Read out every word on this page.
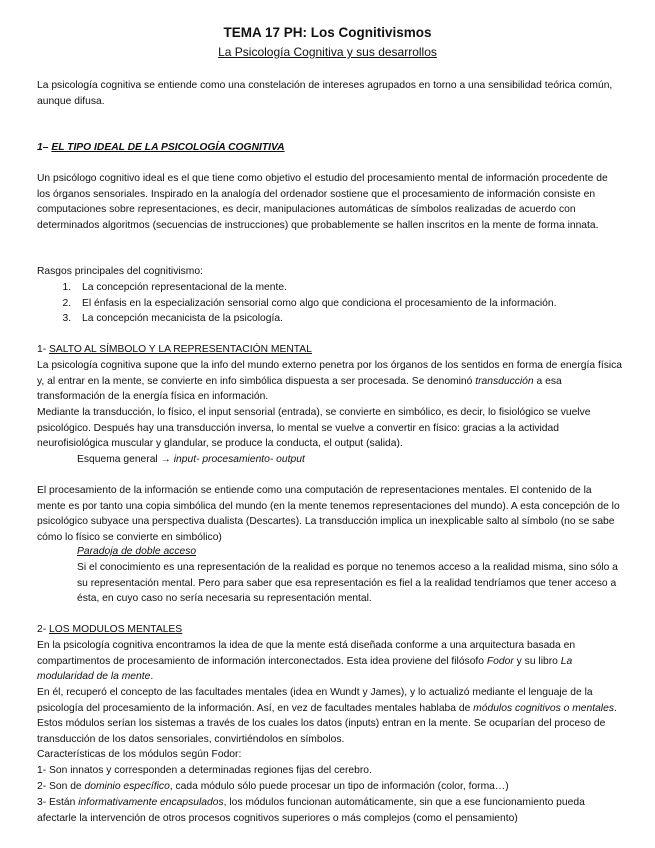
TEMA 17 PH: Los Cognitivismos
La Psicología Cognitiva y sus desarrollos
La psicología cognitiva se entiende como una constelación de intereses agrupados en torno a una sensibilidad teórica común, aunque difusa.
1– EL TIPO IDEAL DE LA PSICOLOGÍA COGNITIVA
Un psicólogo cognitivo ideal es el que tiene como objetivo el estudio del procesamiento mental de información procedente de los órganos sensoriales. Inspirado en la analogía del ordenador sostiene que el procesamiento de información consiste en computaciones sobre representaciones, es decir, manipulaciones automáticas de símbolos realizadas de acuerdo con determinados algoritmos (secuencias de instrucciones) que probablemente se hallen inscritos en la mente de forma innata.
Rasgos principales del cognitivismo:
1. La concepción representacional de la mente.
2. El énfasis en la especialización sensorial como algo que condiciona el procesamiento de la información.
3. La concepción mecanicista de la psicología.
1- SALTO AL SÍMBOLO Y LA REPRESENTACIÓN MENTAL
La psicología cognitiva supone que la info del mundo externo penetra por los órganos de los sentidos en forma de energía física y, al entrar en la mente, se convierte en info simbólica dispuesta a ser procesada. Se denominó transducción a esa transformación de la energía física en información.
Mediante la transducción, lo físico, el input sensorial (entrada), se convierte en simbólico, es decir, lo fisiológico se vuelve psicológico. Después hay una transducción inversa, lo mental se vuelve a convertir en físico: gracias a la actividad neurofisiológica muscular y glandular, se produce la conducta, el output (salida).
Esquema general → input- procesamiento- output
El procesamiento de la información se entiende como una computación de representaciones mentales. El contenido de la mente es por tanto una copia simbólica del mundo (en la mente tenemos representaciones del mundo). A esta concepción de lo psicológico subyace una perspectiva dualista (Descartes). La transducción implica un inexplicable salto al símbolo (no se sabe cómo lo físico se convierte en simbólico)
Paradoja de doble acceso
Si el conocimiento es una representación de la realidad es porque no tenemos acceso a la realidad misma, sino sólo a su representación mental. Pero para saber que esa representación es fiel a la realidad tendríamos que tener acceso a ésta, en cuyo caso no sería necesaria su representación mental.
2- LOS MODULOS MENTALES
En la psicología cognitiva encontramos la idea de que la mente está diseñada conforme a una arquitectura basada en compartimentos de procesamiento de información interconectados. Esta idea proviene del filósofo Fodor y su libro La modularidad de la mente.
En él, recuperó el concepto de las facultades mentales (idea en Wundt y James), y lo actualizó mediante el lenguaje de la psicología del procesamiento de la información. Así, en vez de facultades mentales hablaba de módulos cognitivos o mentales. Estos módulos serían los sistemas a través de los cuales los datos (inputs) entran en la mente. Se ocuparían del proceso de transducción de los datos sensoriales, convirtiéndolos en símbolos.
Características de los módulos según Fodor:
1- Son innatos y corresponden a determinadas regiones fijas del cerebro.
2- Son de dominio específico, cada módulo sólo puede procesar un tipo de información (color, forma…)
3- Están informativamente encapsulados, los módulos funcionan automáticamente, sin que a ese funcionamiento pueda afectarle la intervención de otros procesos cognitivos superiores o más complejos (como el pensamiento)
